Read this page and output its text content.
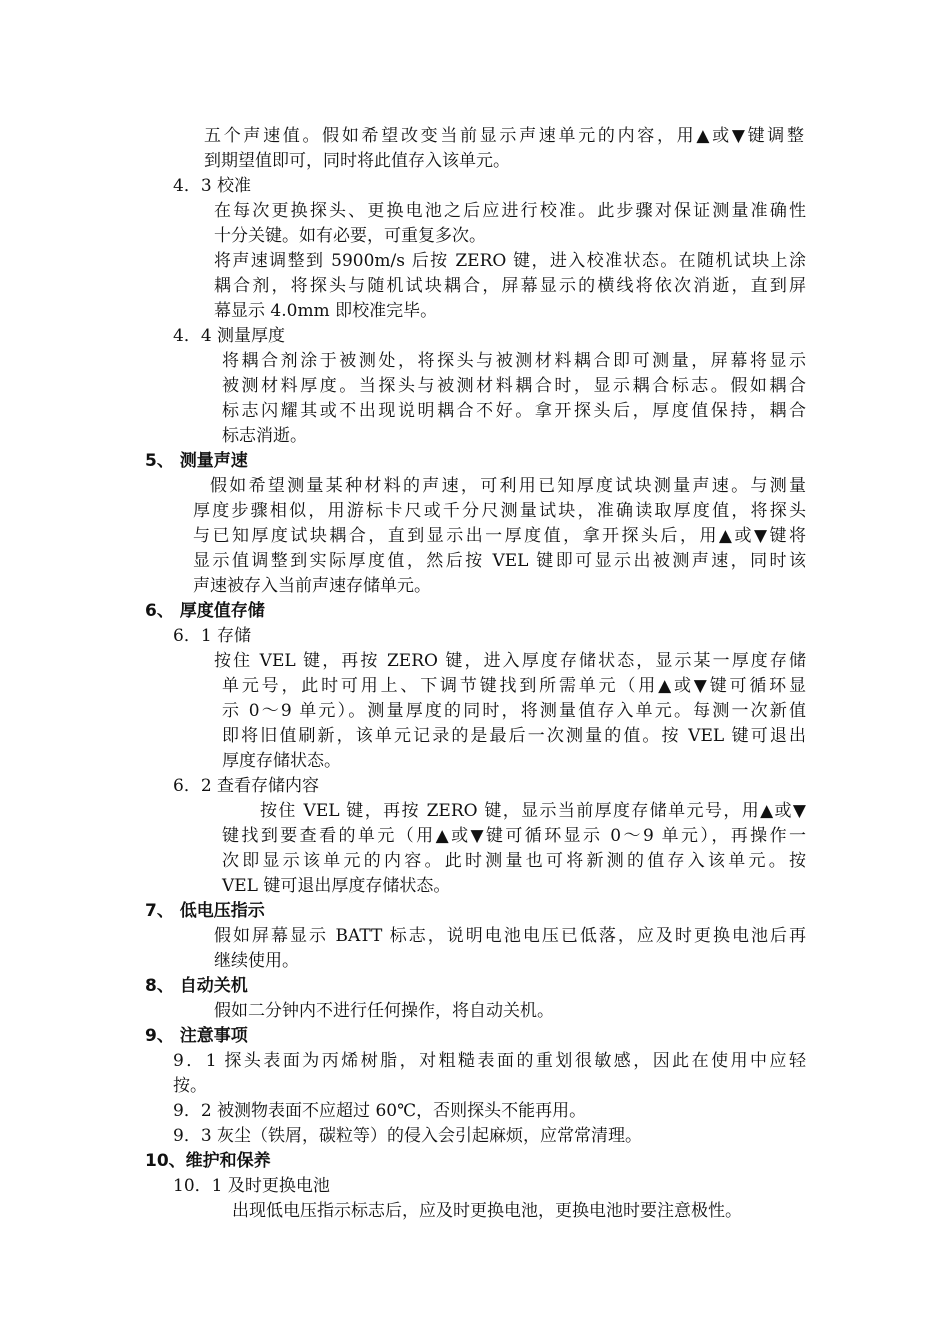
五个声速值。假如希望改变当前显示声速单元的内容，用▲或▼键调整
到期望值即可，同时将此值存入该单元。
4．3 校准
在每次更换探头、更换电池之后应进行校准。此步骤对保证测量准确性
十分关键。如有必要，可重复多次。
将声速调整到 5900m/s 后按 ZERO 键，进入校准状态。在随机试块上涂
耦合剂，将探头与随机试块耦合，屏幕显示的横线将依次消逝，直到屏
幕显示 4.0mm 即校准完毕。
4．4 测量厚度
将耦合剂涂于被测处，将探头与被测材料耦合即可测量，屏幕将显示
被测材料厚度。当探头与被测材料耦合时，显示耦合标志。假如耦合
标志闪耀其或不出现说明耦合不好。拿开探头后，厚度值保持，耦合
标志消逝。
5、 测量声速
假如希望测量某种材料的声速，可利用已知厚度试块测量声速。与测量
厚度步骤相似，用游标卡尺或千分尺测量试块，准确读取厚度值，将探头
与已知厚度试块耦合，直到显示出一厚度值，拿开探头后，用▲或▼键将
显示值调整到实际厚度值，然后按 VEL 键即可显示出被测声速，同时该
声速被存入当前声速存储单元。
6、 厚度值存储
6．1 存储
按住 VEL 键，再按 ZERO 键，进入厚度存储状态，显示某一厚度存储
单元号，此时可用上、下调节键找到所需单元（用▲或▼键可循环显
示 0～9 单元）。测量厚度的同时，将测量值存入单元。每测一次新值
即将旧值刷新，该单元记录的是最后一次测量的值。按 VEL 键可退出
厚度存储状态。
6．2 查看存储内容
按住 VEL 键，再按 ZERO 键，显示当前厚度存储单元号，用▲或▼
键找到要查看的单元（用▲或▼键可循环显示 0～9 单元），再操作一
次即显示该单元的内容。此时测量也可将新测的值存入该单元。按
VEL 键可退出厚度存储状态。
7、 低电压指示
假如屏幕显示 BATT 标志，说明电池电压已低落，应及时更换电池后再
继续使用。
8、 自动关机
假如二分钟内不进行任何操作，将自动关机。
9、 注意事项
9．1 探头表面为丙烯树脂，对粗糙表面的重划很敏感，因此在使用中应轻
按。
9．2 被测物表面不应超过 60℃，否则探头不能再用。
9．3 灰尘（铁屑，碳粒等）的侵入会引起麻烦，应常常清理。
10、维护和保养
10．1 及时更换电池
出现低电压指示标志后，应及时更换电池，更换电池时要注意极性。
